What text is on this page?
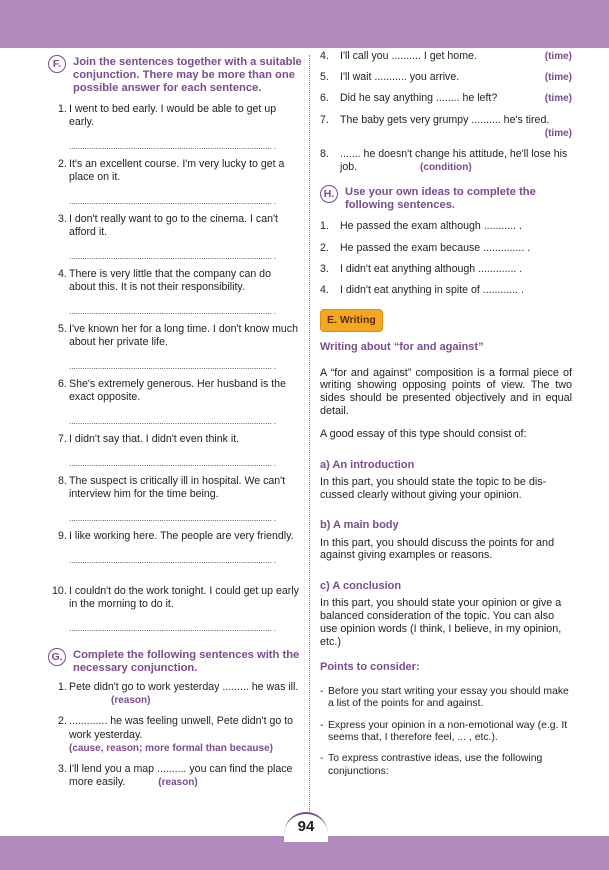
F.	Join the sentences together with a suitable conjunction. There may be more than one possible answer for each sentence.
1. I went to bed early. I would be able to get up early.
............................................................................................ .
2. It's an excellent course. I'm very lucky to get a place on it.
............................................................................................ .
3. I don't really want to go to the cinema. I can't afford it.
............................................................................................ .
4. There is very little that the company can do about this. It is not their responsibility.
............................................................................................ .
5. I've known her for a long time. I don't know much about her private life.
............................................................................................ .
6. She's extremely generous. Her husband is the exact opposite.
............................................................................................ .
7. I didn't say that. I didn't even think it.
............................................................................................ .
8. The suspect is critically ill in hospital. We can't interview him for the time being.
............................................................................................ .
9. I like working here. The people are very friendly.
............................................................................................ .
10. I couldn't do the work tonight. I could get up early in the morning to do it.
............................................................................................ .
G. Complete the following sentences with the necessary conjunction.
1. Pete didn't go to work yesterday ......... he was ill. (reason)
2. ............. he was feeling unwell, Pete didn't go to work yesterday.
(cause, reason; more formal than because)
3. I'll lend you a map .......... you can find the place more easily.	(reason)
4. I'll call you .......... I get home.	(time)
5. I'll wait ........... you arrive.	(time)
6. Did he say anything ........ he left?	(time)
7. The baby gets very grumpy .......... he's tired.
(time)
8. ....... he doesn't change his attitude, he'll lose his job.	(condition)
H. Use your own ideas to complete the following sentences.
1. He passed the exam although ........... .
2. He passed the exam because .............. .
3. I didn't eat anything although ............. .
4. I didn't eat anything in spite of ............ .
E. Writing
Writing about “for and against”
A “for and against” composition is a formal piece of writing showing opposing points of view. The two sides should be presented objectively and in equal detail.
A good essay of this type should consist of:
a) An introduction
In this part, you should state the topic to be dis- cussed clearly without giving your opinion.
b) A main body
In this part, you should discuss the points for and against giving examples or reasons.
c) A conclusion
In this part, you should state your opinion or give a balanced consideration of the topic. You can also use opinion words (I think, I believe, in my opinion, etc.)
Points to consider:
- Before you start writing your essay you should make a list of the points for and against.
- Express your opinion in a non-emotional way (e.g. It seems that, I therefore feel, ... , etc.).
- To express contrastive ideas, use the following conjunctions:
94
